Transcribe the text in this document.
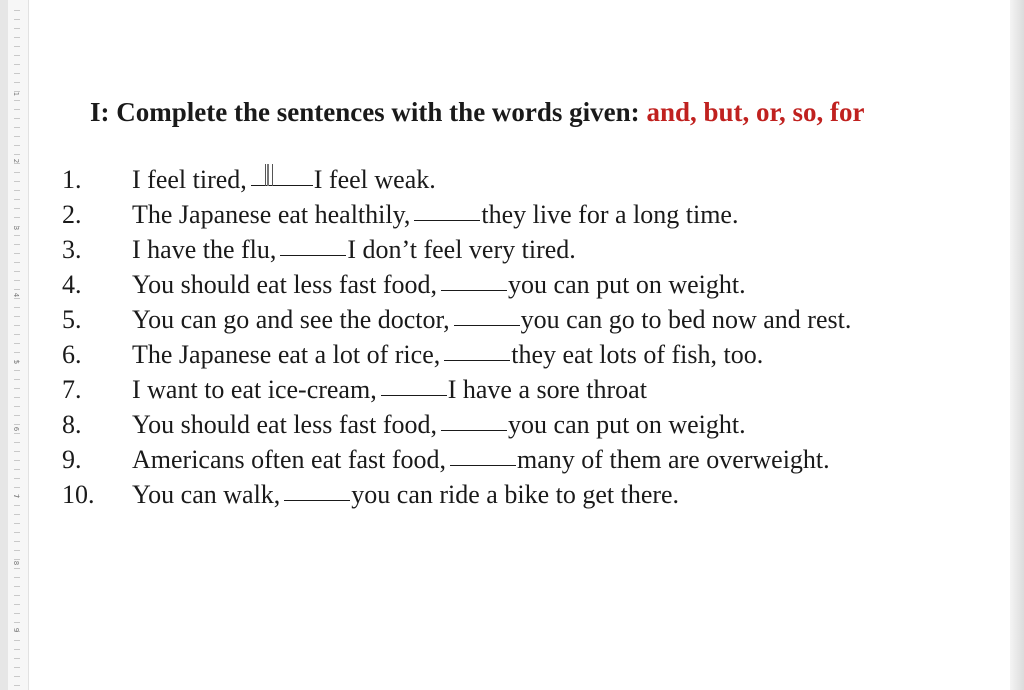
1
2
3
4
5
6
7
8
9
I: Complete the sentences with the words given: and, but, or, so, for
1.	I feel tired,	I feel weak.
2.	The Japanese eat healthily,	they live for a long time.
3.	I have the flu,	I don’t feel very tired.
4.	You should eat less fast food,	you can put on weight.
5.	You can go and see the doctor,	you can go to bed now and rest.
6.	The Japanese eat a lot of rice,	they eat lots of fish, too.
7.	I want to eat ice-cream,	I have a sore throat
8.	You should eat less fast food,	you can put on weight.
9.	Americans often eat fast food,	many of them are overweight.
10.	You can walk,	you can ride a bike to get there.
